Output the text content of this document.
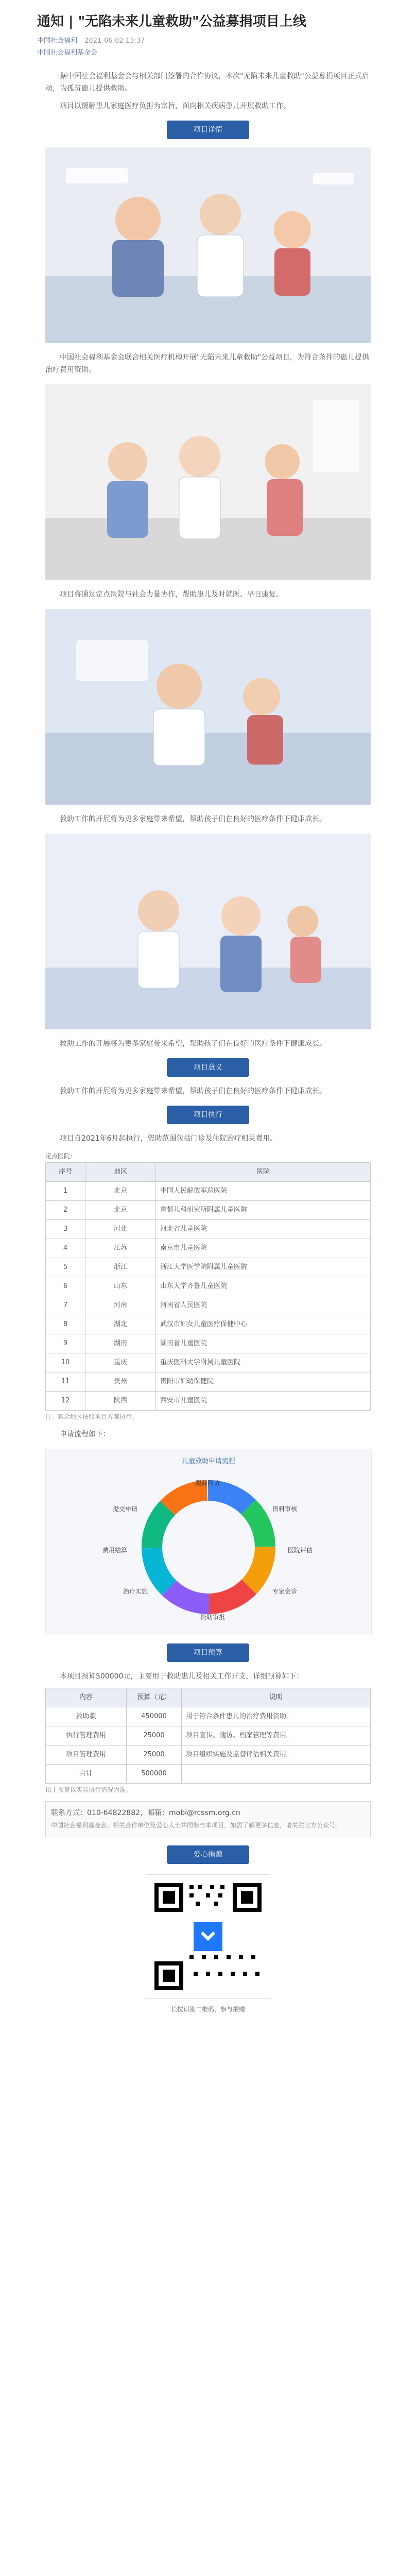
通知 | "无陷未来儿童救助"公益募捐项目上线
中国社会福利 2021-06-02 13:37
中国社会福利基金会

据中国社会福利基金会与相关部门签署的合作协议，本次"无陷未来儿童救助"公益募捐项目正式启动，为孤贫患儿提供救助。

项目以缓解患儿家庭医疗负担为宗旨，面向相关疾病患儿开展救助工作。

项目详情

中国社会福利基金会联合相关医疗机构开展"无陷未来儿童救助"公益项目，为符合条件的患儿提供治疗费用资助。

项目将通过定点医院与社会力量协作，帮助患儿及时就医、早日康复。

救助工作的开展将为更多家庭带来希望，帮助孩子们在良好的医疗条件下健康成长。

救助工作的开展将为更多家庭带来希望，帮助孩子们在良好的医疗条件下健康成长。

项目意义

救助工作的开展将为更多家庭带来希望，帮助孩子们在良好的医疗条件下健康成长。

项目执行

项目自2021年6月起执行，资助范围包括门诊及住院治疗相关费用。

定点医院：
序号	地区	医院
1	北京	中国人民解放军总医院
2	北京	首都儿科研究所附属儿童医院
3	河北	河北省儿童医院
4	江苏	南京市儿童医院
5	浙江	浙江大学医学院附属儿童医院
6	山东	山东大学齐鲁儿童医院
7	河南	河南省人民医院
8	湖北	武汉市妇女儿童医疗保健中心
9	湖南	湖南省儿童医院
10	重庆	重庆医科大学附属儿童医院
11	贵州	贵阳市妇幼保健院
12	陕西	西安市儿童医院
注：其余地区按照项目方案执行。

申请流程如下：

儿童救助申请流程
提交申请	资料审核
医院评估
专家会诊
资助审批
治疗实施
费用结算
跟踪回访
项目预算

本项目预算500000元，主要用于救助患儿及相关工作开支，详细预算如下：

内容	预算（元）	说明
救助款	450000	用于符合条件患儿的治疗费用资助。
执行管理费用	25000	项目宣传、随访、档案管理等费用。
项目管理费用	25000	项目组织实施及监督评估相关费用。
合计	500000	
以上预算以实际执行情况为准。
联系方式：010-64822882，邮箱：mobi@rcssm.org.cn
中国社会福利基金会、相关合作单位及爱心人士共同参与本项目，如需了解更多信息，请关注官方公众号。
爱心捐赠
长按识别二维码，参与捐赠
